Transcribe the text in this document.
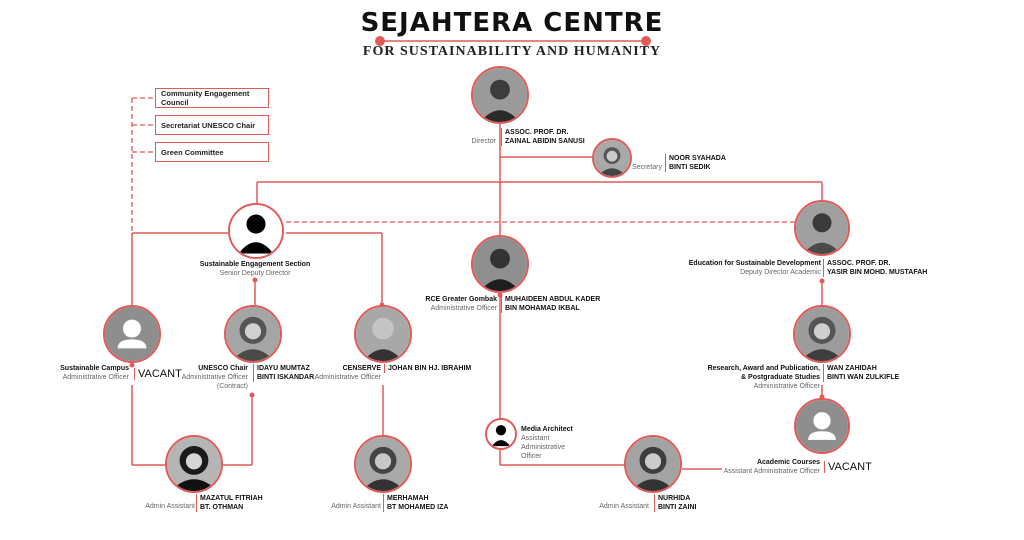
SEJAHTERA CENTRE
FOR SUSTAINABILITY AND HUMANITY
Community Engagement Council
Secretariat UNESCO Chair
Green Committee
Director
ASSOC. PROF. DR.
ZAINAL ABIDIN SANUSI
Secretary
NOOR SYAHADA
BINTI SEDIK
Sustainable Engagement Section
Senior Deputy Director
RCE Greater Gombak
Administrative Officer
MUHAIDEEN ABDUL KADER
BIN MOHAMAD IKBAL
Education for Sustainable Development
Deputy Director Academic
ASSOC. PROF. DR.
YASIR BIN MOHD. MUSTAFAH
Sustainable Campus
Administrative Officer VACANT	UNESCO Chair
Administrative Officer
(Contract)
IDAYU MUMTAZ
BINTI ISKANDAR
CENSERVE
Administrative Officer
JOHAN BIN HJ. IBRAHIM	Research, Award and Publication,
& Postgraduate Studies
Administrative Officer
WAN ZAHIDAH
BINTI WAN ZULKIFLE
Media Architect
Assistant
Administrative
Officer
Academic Courses
Assistant Administrative Officer VACANT
Admin Assistant
MAZATUL FITRIAH
BT. OTHMAN	Admin Assistant
MERHAMAH
BT MOHAMED IZA	Admin Assistant
NURHIDA
BINTI ZAINI
